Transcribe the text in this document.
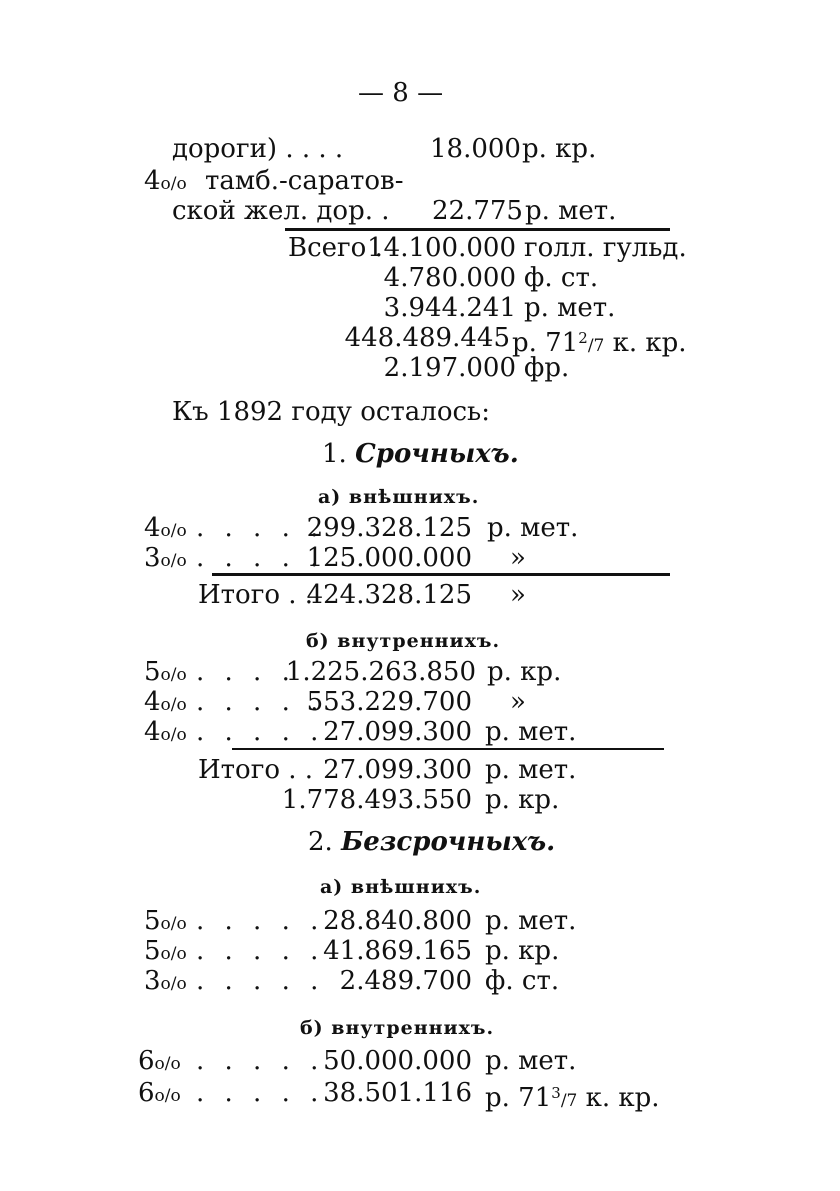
— 8 —
дороги) . . . .	18.000 р. кр.
4о/о тамб.-саратов-
ской жел. дор. . 22.775 р. мет.
Всего .
14.100.000 голл. гульд.
4.780.000 ф. ст.
3.944.241 р. мет.
448.489.445 р. $71^2/7$ к. кр.
2.197.000 фр.
Къ 1892 году осталось:
1. Срочныхъ.
а) внѣшнихъ.
4о/о . . . . .
299.328.125 р. мет.
3о/о . . . . .
125.000.000 »
Итого . .
424.328.125 »
б) внутреннихъ.
5о/о . . . .
1.225.263.850 р. кр.
4о/о . . . . .
553.229.700 »
4о/о . . . . .
27.099.300 р. мет.
Итого . . 27.099.300 р. мет.
1.778.493.550 р. кр.
2. Безсрочныхъ.
а) внѣшнихъ.
5о/о . . . . .
28.840.800 р. мет.
5о/о . . . . .
41.869.165 р. кр.
3о/о . . . . . 2.489.700 ф. ст.
б) внутреннихъ.
6о/о . . . . .
50.000.000 р. мет.
6о/о . . . . .
38.501.116 р. $71^3/7$ к. кр.
